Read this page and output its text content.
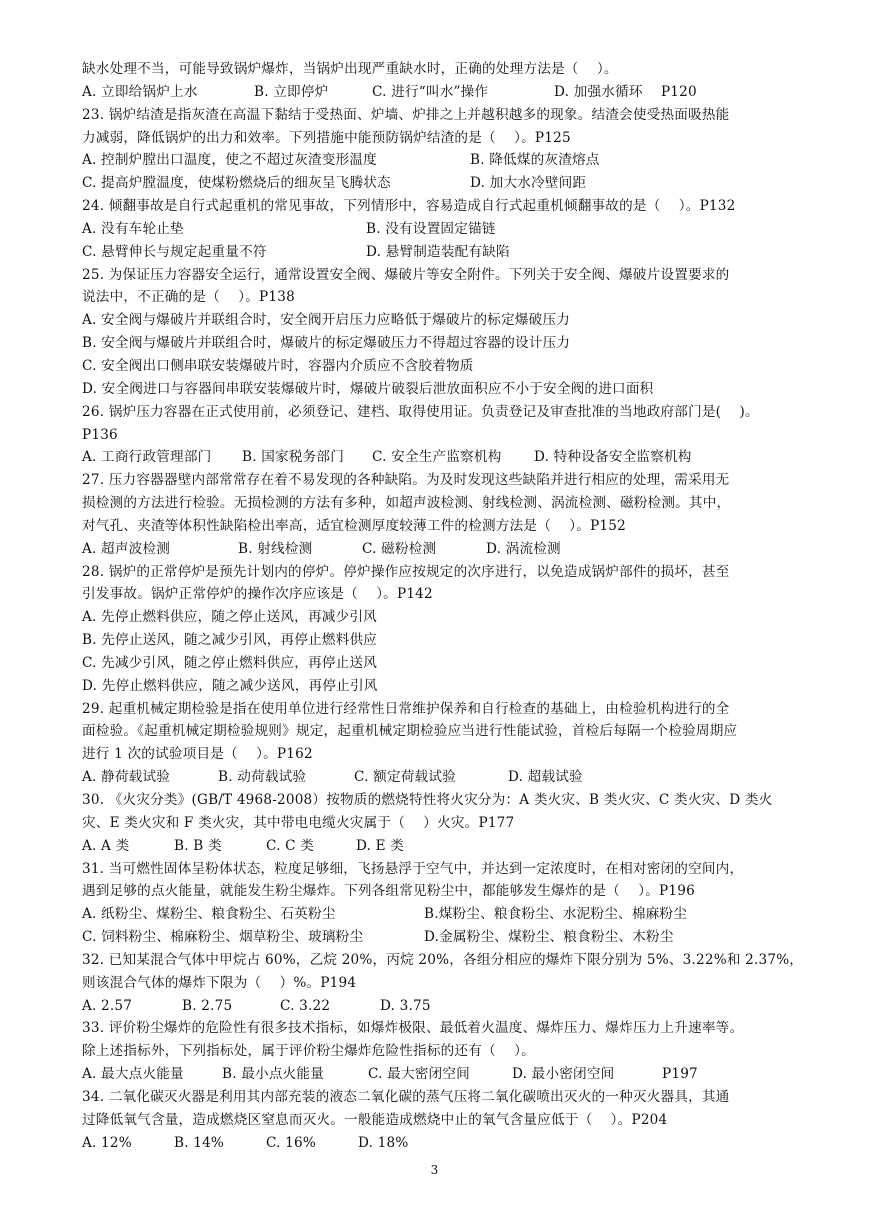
缺水处理不当，可能导致锅炉爆炸，当锅炉出现严重缺水时，正确的处理方法是（　 ）。
A. 立即给锅炉上水	B. 立即停炉	C. 进行“叫水”操作	D. 加强水循环　 P120
23. 锅炉结渣是指灰渣在高温下黏结于受热面、炉墙、炉排之上并越积越多的现象。结渣会使受热面吸热能
力减弱，降低锅炉的出力和效率。下列措施中能预防锅炉结渣的是（　 ）。P125
A. 控制炉膛出口温度，使之不超过灰渣变形温度	B. 降低煤的灰渣熔点
C. 提高炉膛温度，使煤粉燃烧后的细灰呈飞腾状态	D. 加大水冷壁间距
24. 倾翻事故是自行式起重机的常见事故，下列情形中，容易造成自行式起重机倾翻事故的是（　 ）。P132
A. 没有车轮止垫	B. 没有设置固定锚链
C. 悬臂伸长与规定起重量不符	D. 悬臂制造装配有缺陷
25. 为保证压力容器安全运行，通常设置安全阀、爆破片等安全附件。下列关于安全阀、爆破片设置要求的
说法中，不正确的是（　 ）。P138
A. 安全阀与爆破片并联组合时，安全阀开启压力应略低于爆破片的标定爆破压力
B. 安全阀与爆破片并联组合时，爆破片的标定爆破压力不得超过容器的设计压力
C. 安全阀出口侧串联安装爆破片时，容器内介质应不含胶着物质
D. 安全阀进口与容器间串联安装爆破片时，爆破片破裂后泄放面积应不小于安全阀的进口面积
26. 锅炉压力容器在正式使用前，必须登记、建档、取得使用证。负责登记及审查批准的当地政府部门是(　 )。
P136
A. 工商行政管理部门	B. 国家税务部门	C. 安全生产监察机构	D. 特种设备安全监察机构
27. 压力容器器壁内部常常存在着不易发现的各种缺陷。为及时发现这些缺陷并进行相应的处理，需采用无
损检测的方法进行检验。无损检测的方法有多种，如超声波检测、射线检测、涡流检测、磁粉检测。其中，
对气孔、夹渣等体积性缺陷检出率高，适宜检测厚度较薄工件的检测方法是（　 ）。P152
A. 超声波检测	B. 射线检测	C. 磁粉检测	D. 涡流检测
28. 锅炉的正常停炉是预先计划内的停炉。停炉操作应按规定的次序进行，以免造成锅炉部件的损坏，甚至
引发事故。锅炉正常停炉的操作次序应该是（　 ）。P142
A. 先停止燃料供应，随之停止送风，再减少引风
B. 先停止送风，随之减少引风，再停止燃料供应
C. 先减少引风，随之停止燃料供应，再停止送风
D. 先停止燃料供应，随之减少送风，再停止引风
29. 起重机械定期检验是指在使用单位进行经常性日常维护保养和自行检查的基础上，由检验机构进行的全
面检验。《起重机械定期检验规则》规定，起重机械定期检验应当进行性能试验，首检后每隔一个检验周期应
进行 1 次的试验项目是（　 ）。P162
A. 静荷载试验	B. 动荷载试验	C. 额定荷载试验	D. 超载试验
30. 《火灾分类》(GB/T 4968-2008）按物质的燃烧特性将火灾分为：A 类火灾、B 类火灾、C 类火灾、D 类火
灾、E 类火灾和 F 类火灾，其中带电电缆火灾属于（　 ）火灾。P177
A. A 类	B. B 类	C. C 类	D. E 类
31. 当可燃性固体呈粉体状态，粒度足够细，飞扬悬浮于空气中，并达到一定浓度时，在相对密闭的空间内，
遇到足够的点火能量，就能发生粉尘爆炸。下列各组常见粉尘中，都能够发生爆炸的是（　 ）。P196
A. 纸粉尘、煤粉尘、粮食粉尘、石英粉尘	B.煤粉尘、粮食粉尘、水泥粉尘、棉麻粉尘
C. 饲料粉尘、棉麻粉尘、烟草粉尘、玻璃粉尘	D.金属粉尘、煤粉尘、粮食粉尘、木粉尘
32. 已知某混合气体中甲烷占 60%，乙烷 20%，丙烷 20%，各组分相应的爆炸下限分别为 5%、3.22%和 2.37%，
则该混合气体的爆炸下限为（　 ）%。P194
A. 2.57	B. 2.75	C. 3.22	D. 3.75
33. 评价粉尘爆炸的危险性有很多技术指标，如爆炸极限、最低着火温度、爆炸压力、爆炸压力上升速率等。
除上述指标外，下列指标处，属于评价粉尘爆炸危险性指标的还有（　 ）。
A. 最大点火能量	B. 最小点火能量	C. 最大密闭空间	D. 最小密闭空间	P197
34. 二氧化碳灭火器是利用其内部充装的液态二氧化碳的蒸气压将二氧化碳喷出灭火的一种灭火器具，其通
过降低氧气含量，造成燃烧区窒息而灭火。一般能造成燃烧中止的氧气含量应低于（　 ）。P204
A. 12%	B. 14%	C. 16%	D. 18%
3
